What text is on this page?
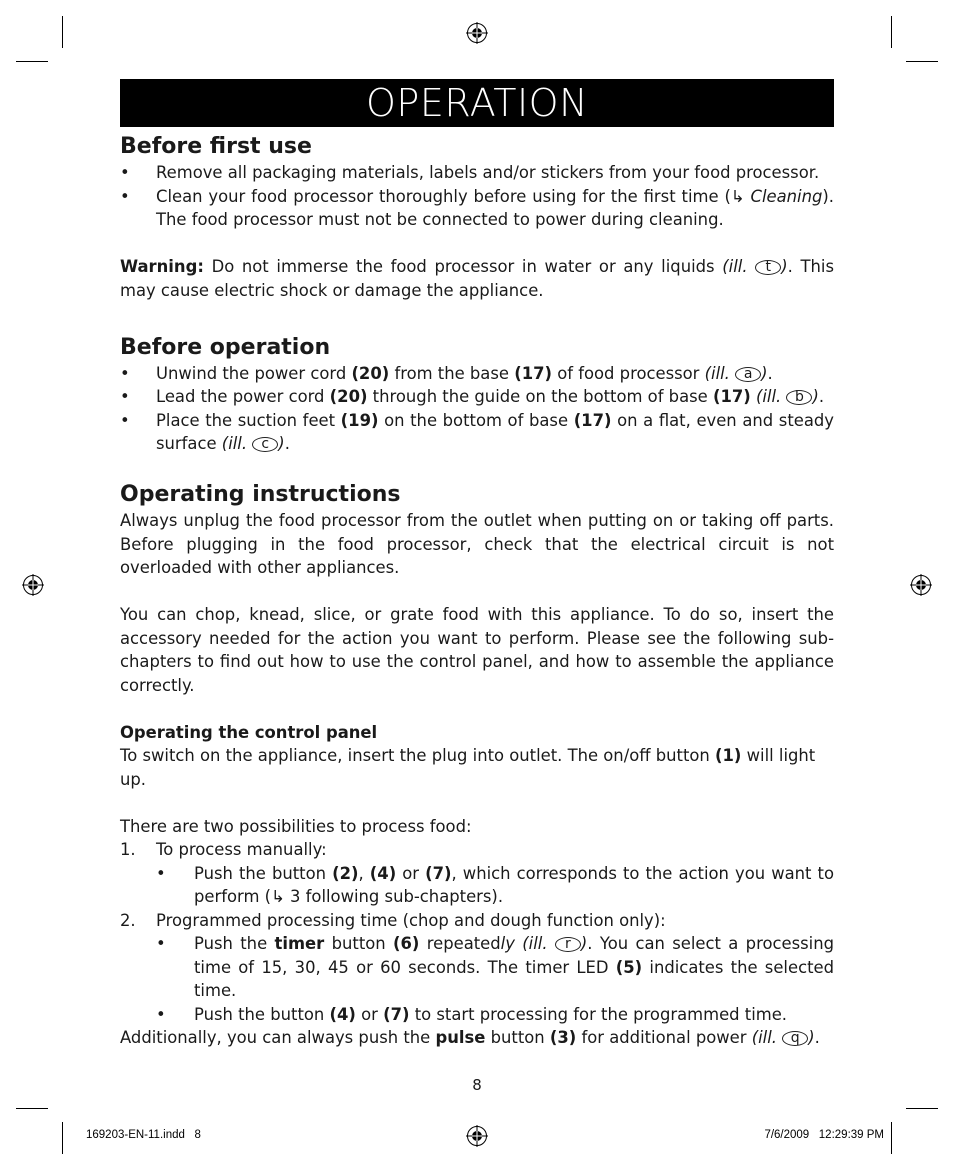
OPERATION
Before first use
•	Remove all packaging materials, labels and/or stickers from your food processor.
•	Clean your food processor thoroughly before using for the first time (↳ Cleaning). The food processor must not be connected to power during cleaning.

Warning: Do not immerse the food processor in water or any liquids (ill. t ). This may cause electric shock or damage the appliance.

Before operation
•	Unwind the power cord (20) from the base (17) of food processor (ill. a ).
•	Lead the power cord (20) through the guide on the bottom of base (17) (ill. b ).
•	Place the suction feet (19) on the bottom of base (17) on a flat, even and steady surface (ill. c ).
Operating instructions

Always unplug the food processor from the outlet when putting on or taking off parts. Before plugging in the food processor, check that the electrical circuit is not overloaded with other appliances.

You can chop, knead, slice, or grate food with this appliance. To do so, insert the accessory needed for the action you want to perform. Please see the following sub-chapters to find out how to use the control panel, and how to assemble the appliance correctly.

Operating the control panel

To switch on the appliance, insert the plug into outlet. The on/off button (1) will light up.

There are two possibilities to process food:

1.	To process manually:
•	Push the button (2), (4) or (7), which corresponds to the action you want to perform (↳ 3 following sub-chapters).
2.	Programmed processing time (chop and dough function only):
•	Push the timer button (6) repeatedly (ill. r ). You can select a processing time of 15, 30, 45 or 60 seconds. The timer LED (5) indicates the selected time.
•	Push the button (4) or (7) to start processing for the programmed time.

Additionally, you can always push the pulse button (3) for additional power (ill. q ).

8
169203-EN-11.indd   8	7/6/2009   12:29:39 PM
